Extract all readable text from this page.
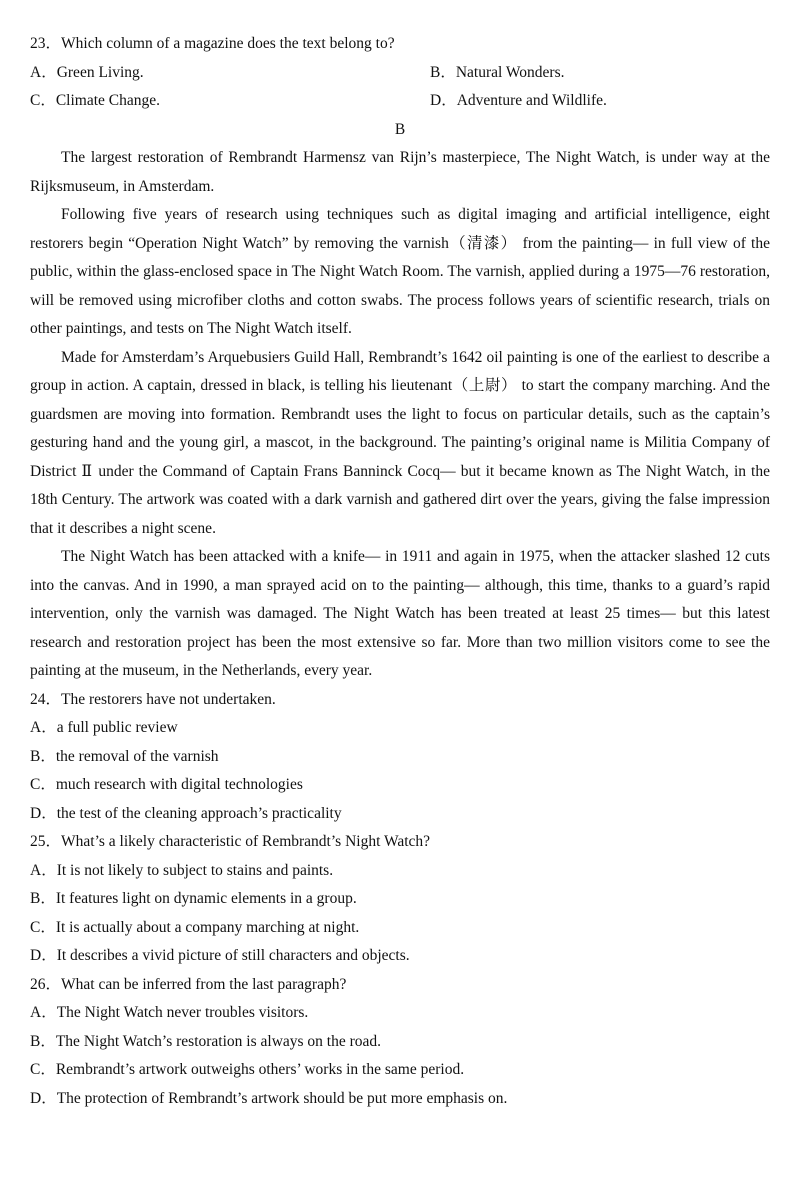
23．Which column of a magazine does the text belong to?
A．Green Living.	B．Natural Wonders.
C．Climate Change.	D．Adventure and Wildlife.
B

The largest restoration of Rembrandt Harmensz van Rijn’s masterpiece, The Night Watch, is under way at the Rijksmuseum, in Amsterdam.

Following five years of research using techniques such as digital imaging and artificial intelligence, eight restorers begin “Operation Night Watch” by removing the varnish（清漆） from the painting— in full view of the public, within the glass-enclosed space in The Night Watch Room. The varnish, applied during a 1975—76 restoration, will be removed using microfiber cloths and cotton swabs. The process follows years of scientific research, trials on other paintings, and tests on The Night Watch itself.

Made for Amsterdam’s Arquebusiers Guild Hall, Rembrandt’s 1642 oil painting is one of the earliest to describe a group in action. A captain, dressed in black, is telling his lieutenant（上尉） to start the company marching. And the guardsmen are moving into formation. Rembrandt uses the light to focus on particular details, such as the captain’s gesturing hand and the young girl, a mascot, in the background. The painting’s original name is Militia Company of District Ⅱ under the Command of Captain Frans Banninck Cocq— but it became known as The Night Watch, in the 18th Century. The artwork was coated with a dark varnish and gathered dirt over the years, giving the false impression that it describes a night scene.

The Night Watch has been attacked with a knife— in 1911 and again in 1975, when the attacker slashed 12 cuts into the canvas. And in 1990, a man sprayed acid on to the painting— although, this time, thanks to a guard’s rapid intervention, only the varnish was damaged. The Night Watch has been treated at least 25 times— but this latest research and restoration project has been the most extensive so far. More than two million visitors come to see the painting at the museum, in the Netherlands, every year.

24．The restorers have not undertaken.
A．a full public review
B．the removal of the varnish
C．much research with digital technologies
D．the test of the cleaning approach’s practicality
25．What’s a likely characteristic of Rembrandt’s Night Watch?
A．It is not likely to subject to stains and paints.
B．It features light on dynamic elements in a group.
C．It is actually about a company marching at night.
D．It describes a vivid picture of still characters and objects.
26．What can be inferred from the last paragraph?
A．The Night Watch never troubles visitors.
B．The Night Watch’s restoration is always on the road.
C．Rembrandt’s artwork outweighs others’ works in the same period.
D．The protection of Rembrandt’s artwork should be put more emphasis on.
